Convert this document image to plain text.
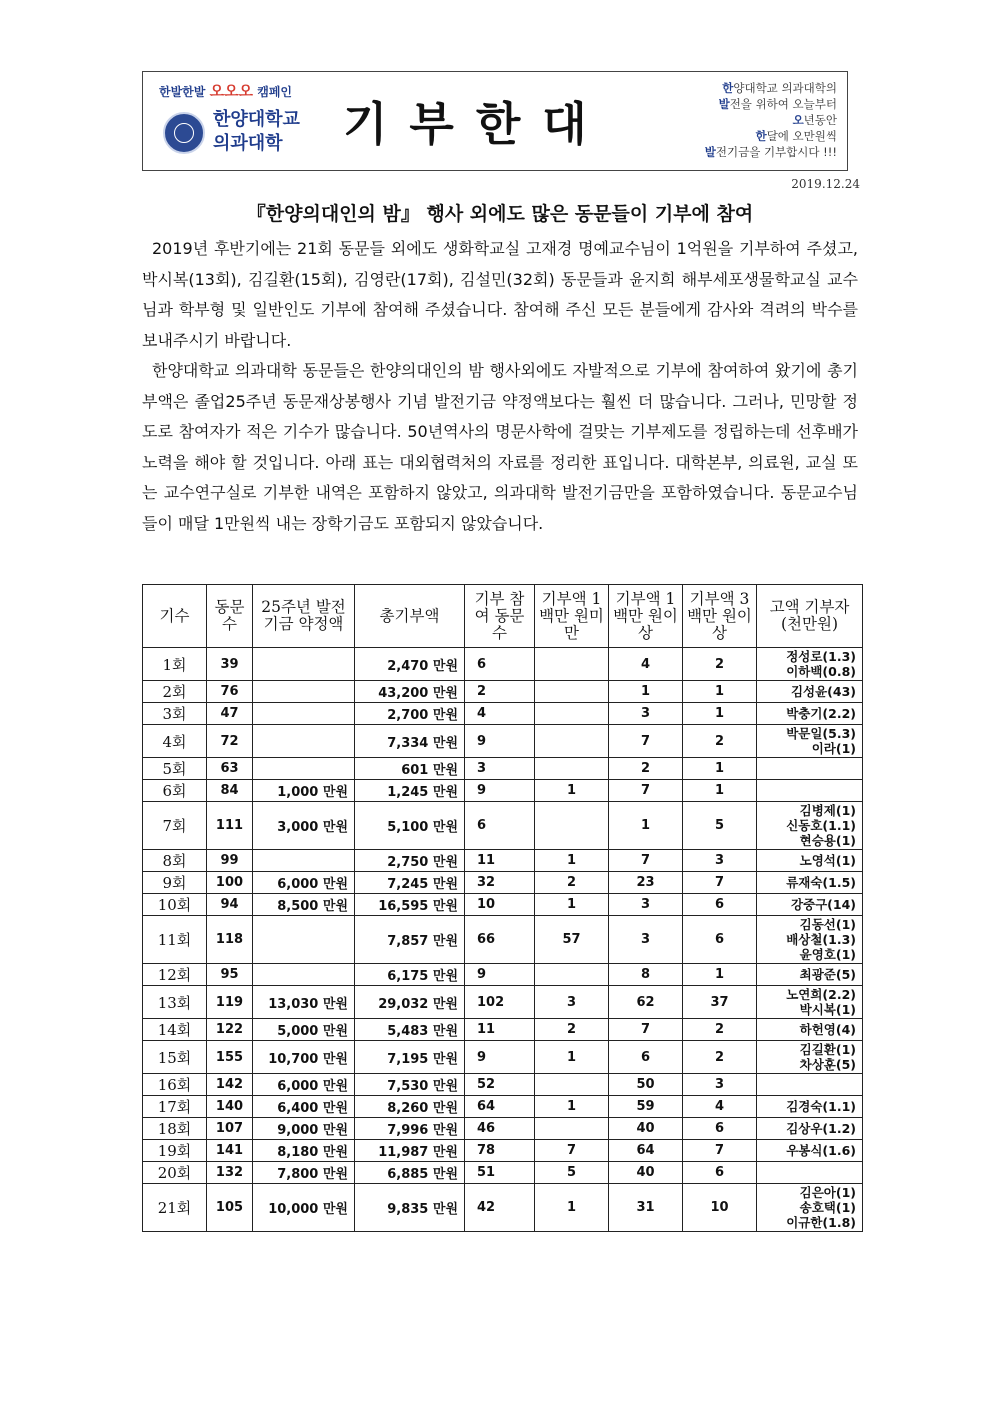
한발한발 오오오 캠페인
한양대학교
의과대학	기부한대
한양대학교 의과대학의
발전을 위하여 오늘부터
오년동안
한달에 오만원씩
발전기금을 기부합시다 !!!
2019.12.24
『한양의대인의 밤』 행사 외에도 많은 동문들이 기부에 참여

2019년 후반기에는 21회 동문들 외에도 생화학교실 고재경 명예교수님이 1억원을 기부하여 주셨고, 박시복(13회), 김길환(15회), 김영란(17회), 김설민(32회) 동문들과 윤지희 해부세포생물학교실 교수님과 학부형 및 일반인도 기부에 참여해 주셨습니다. 참여해 주신 모든 분들에게 감사와 격려의 박수를 보내주시기 바랍니다.

한양대학교 의과대학 동문들은 한양의대인의 밤 행사외에도 자발적으로 기부에 참여하여 왔기에 총기부액은 졸업25주년 동문재상봉행사 기념 발전기금 약정액보다는 훨씬 더 많습니다. 그러나, 민망할 정도로 참여자가 적은 기수가 많습니다. 50년역사의 명문사학에 걸맞는 기부제도를 정립하는데 선후배가 노력을 해야 할 것입니다. 아래 표는 대외협력처의 자료를 정리한 표입니다. 대학본부, 의료원, 교실 또는 교수연구실로 기부한 내역은 포함하지 않았고, 의과대학 발전기금만을 포함하였습니다. 동문교수님들이 매달 1만원씩 내는 장학기금도 포함되지 않았습니다.

기수	동문수	25주년 발전기금 약정액	총기부액	기부 참여 동문수	기부액 1백만 원미만	기부액 1백만 원이상	기부액 3백만 원이상	고액 기부자 (천만원)
1회	39		2,470 만원	6		4	2	정성로(1.3)
이하백(0.8)

2회	76		43,200 만원	2		1	1	김성윤(43)

3회	47		2,700 만원	4		3	1	박충기(2.2)

4회	72		7,334 만원	9		7	2	박문일(5.3)
이라(1)

5회	63		601 만원	3		2	1	
6회	84	1,000 만원	1,245 만원	9	1	7	1	
7회	111	3,000 만원	5,100 만원	6		1	5	김병제(1)
신동호(1.1)
현승용(1)

8회	99		2,750 만원	11	1	7	3	노영석(1)

9회	100	6,000 만원	7,245 만원	32	2	23	7	류재숙(1.5)

10회	94	8,500 만원	16,595 만원	10	1	3	6	강중구(14)

11회	118		7,857 만원	66	57	3	6	김동선(1)
배상철(1.3)
윤영호(1)

12회	95		6,175 만원	9		8	1	최광준(5)

13회	119	13,030 만원	29,032 만원	102	3	62	37	노연희(2.2)
박시복(1)

14회	122	5,000 만원	5,483 만원	11	2	7	2	하헌영(4)

15회	155	10,700 만원	7,195 만원	9	1	6	2	김길환(1)
차상훈(5)

16회	142	6,000 만원	7,530 만원	52		50	3	
17회	140	6,400 만원	8,260 만원	64	1	59	4	김경숙(1.1)

18회	107	9,000 만원	7,996 만원	46		40	6	김상우(1.2)

19회	141	8,180 만원	11,987 만원	78	7	64	7	우봉식(1.6)

20회	132	7,800 만원	6,885 만원	51	5	40	6	
21회	105	10,000 만원	9,835 만원	42	1	31	10	김은아(1)
송호택(1)
이규한(1.8)
